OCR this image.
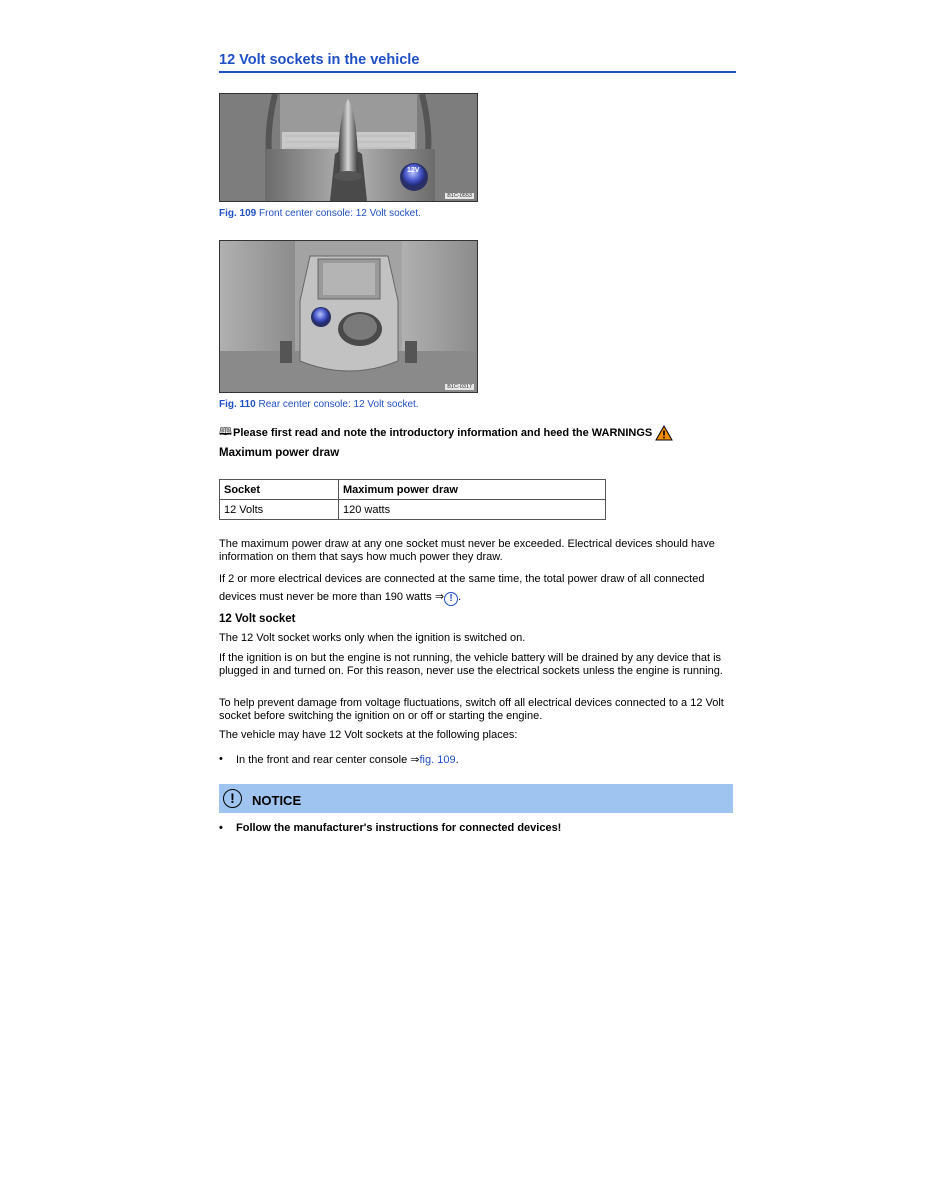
12 Volt sockets in the vehicle
12V
B1C-0553
Fig. 109 Front center console: 12 Volt socket.
B1C-0317
Fig. 110 Rear center console: 12 Volt socket.
🕮 Please first read and note the introductory information and heed the WARNINGS
Maximum power draw
Socket	Maximum power draw
12 Volts	120 watts
The maximum power draw at any one socket must never be exceeded. Electrical devices should have information on them that says how much power they draw.
If 2 or more electrical devices are connected at the same time, the total power draw of all connected devices must never be more than 190 watts ⇒ ! .
12 Volt socket
The 12 Volt socket works only when the ignition is switched on.
If the ignition is on but the engine is not running, the vehicle battery will be drained by any device that is plugged in and turned on. For this reason, never use the electrical sockets unless the engine is running.
To help prevent damage from voltage fluctuations, switch off all electrical devices connected to a 12 Volt socket before switching the ignition on or off or starting the engine.
The vehicle may have 12 Volt sockets at the following places:
•	In the front and rear center console ⇒fig. 109.
!	NOTICE
•	Follow the manufacturer's instructions for connected devices!
